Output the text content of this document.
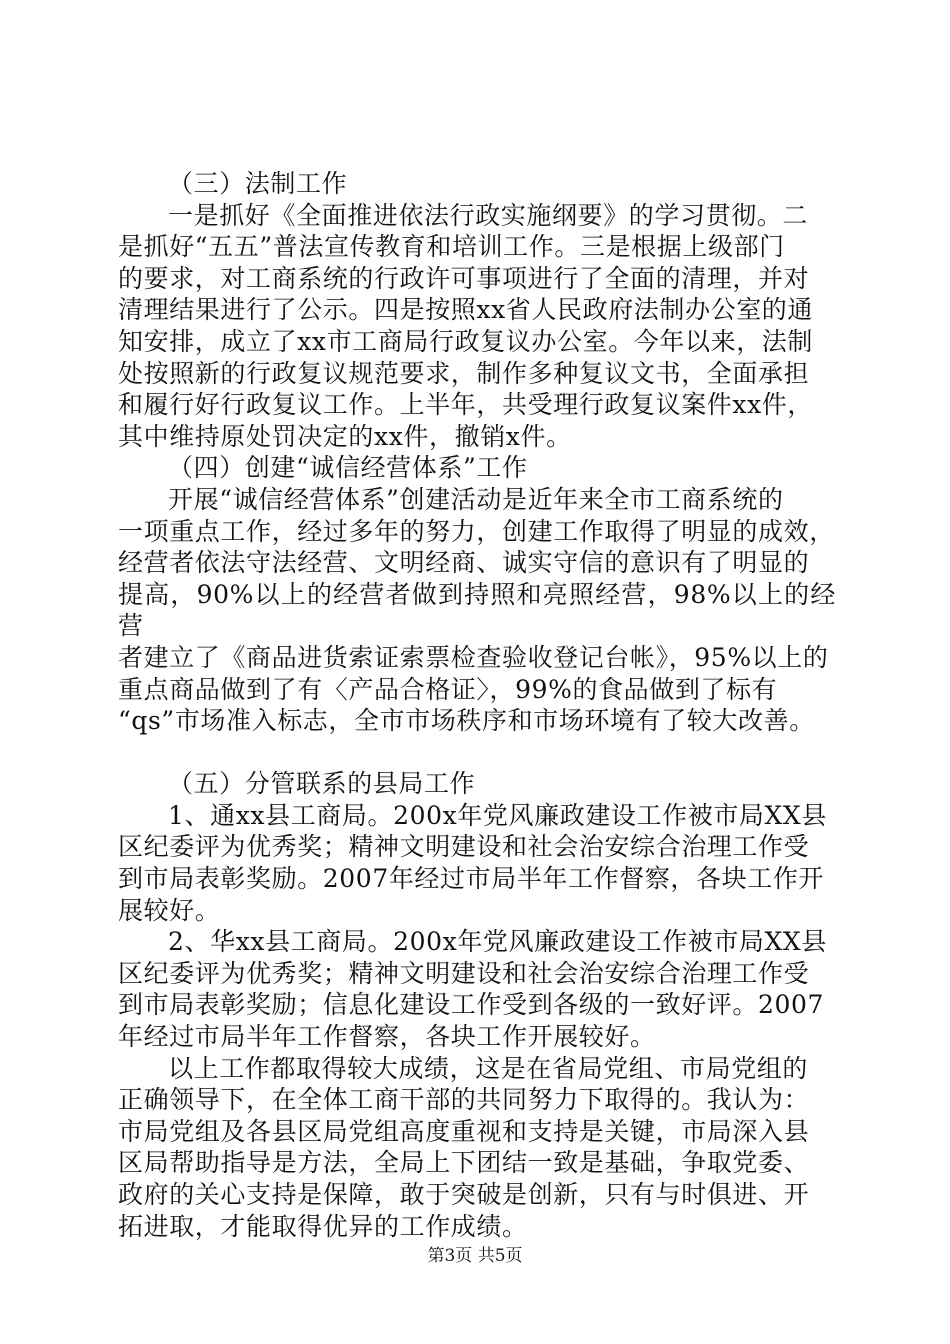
（三）法制工作

一是抓好《全面推进依法行政实施纲要》的学习贯彻。二
是抓好“五五”普法宣传教育和培训工作。三是根据上级部门
的要求，对工商系统的行政许可事项进行了全面的清理，并对
清理结果进行了公示。四是按照xx省人民政府法制办公室的通
知安排，成立了xx市工商局行政复议办公室。今年以来，法制
处按照新的行政复议规范要求，制作多种复议文书，全面承担
和履行好行政复议工作。上半年，共受理行政复议案件xx件，
其中维持原处罚决定的xx件，撤销x件。

（四）创建“诚信经营体系”工作

开展“诚信经营体系”创建活动是近年来全市工商系统的
一项重点工作，经过多年的努力，创建工作取得了明显的成效，
经营者依法守法经营、文明经商、诚实守信的意识有了明显的
提高，90%以上的经营者做到持照和亮照经营，98%以上的经营
者建立了《商品进货索证索票检查验收登记台帐》，95%以上的
重点商品做到了有〈产品合格证〉，99%的食品做到了标有
“qs”市场准入标志，全市市场秩序和市场环境有了较大改善。

（五）分管联系的县局工作

1、通xx县工商局。200x年党风廉政建设工作被市局XX县
区纪委评为优秀奖；精神文明建设和社会治安综合治理工作受
到市局表彰奖励。2007年经过市局半年工作督察，各块工作开
展较好。

2、华xx县工商局。200x年党风廉政建设工作被市局XX县
区纪委评为优秀奖；精神文明建设和社会治安综合治理工作受
到市局表彰奖励；信息化建设工作受到各级的一致好评。2007
年经过市局半年工作督察，各块工作开展较好。

以上工作都取得较大成绩，这是在省局党组、市局党组的
正确领导下，在全体工商干部的共同努力下取得的。我认为：
市局党组及各县区局党组高度重视和支持是关键，市局深入县
区局帮助指导是方法，全局上下团结一致是基础，争取党委、
政府的关心支持是保障，敢于突破是创新，只有与时俱进、开
拓进取，才能取得优异的工作成绩。

第3页 共5页
